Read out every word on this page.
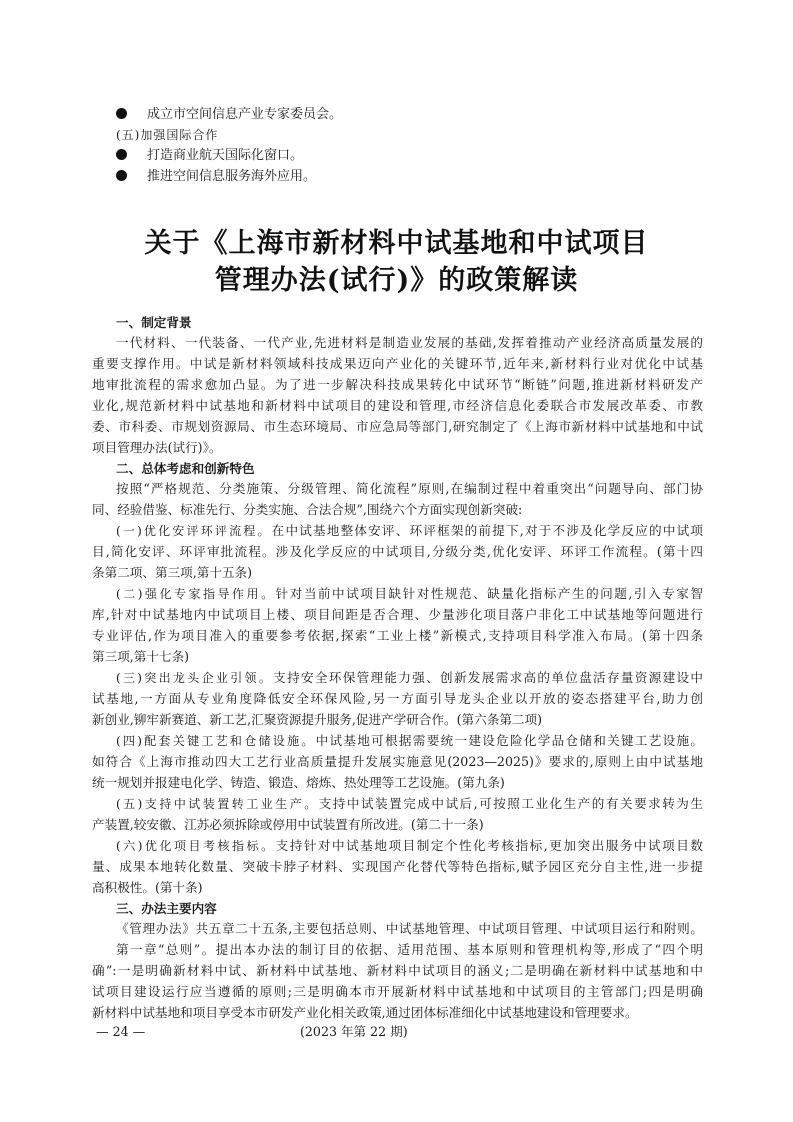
成立市空间信息产业专家委员会。
(五)加强国际合作
打造商业航天国际化窗口。
推进空间信息服务海外应用。
关于《上海市新材料中试基地和中试项目
管理办法(试行)》的政策解读
一、制定背景
一代材料、一代装备、一代产业,先进材料是制造业发展的基础,发挥着推动产业经济高质量发展的
重要支撑作用。中试是新材料领域科技成果迈向产业化的关键环节,近年来,新材料行业对优化中试基
地审批流程的需求愈加凸显。为了进一步解决科技成果转化中试环节“断链”问题,推进新材料研发产
业化,规范新材料中试基地和新材料中试项目的建设和管理,市经济信息化委联合市发展改革委、市教
委、市科委、市规划资源局、市生态环境局、市应急局等部门,研究制定了《上海市新材料中试基地和中试
项目管理办法(试行)》。
二、总体考虑和创新特色
按照“严格规范、分类施策、分级管理、简化流程”原则,在编制过程中着重突出“问题导向、部门协
同、经验借鉴、标准先行、分类实施、合法合规”,围绕六个方面实现创新突破:
(一)优化安评环评流程。在中试基地整体安评、环评框架的前提下,对于不涉及化学反应的中试项
目,简化安评、环评审批流程。涉及化学反应的中试项目,分级分类,优化安评、环评工作流程。(第十四
条第二项、第三项,第十五条)
(二)强化专家指导作用。针对当前中试项目缺针对性规范、缺量化指标产生的问题,引入专家智
库,针对中试基地内中试项目上楼、项目间距是否合理、少量涉化项目落户非化工中试基地等问题进行
专业评估,作为项目准入的重要参考依据,探索“工业上楼”新模式,支持项目科学准入布局。(第十四条
第三项,第十七条)
(三)突出龙头企业引领。支持安全环保管理能力强、创新发展需求高的单位盘活存量资源建设中
试基地,一方面从专业角度降低安全环保风险,另一方面引导龙头企业以开放的姿态搭建平台,助力创
新创业,铆牢新赛道、新工艺,汇聚资源提升服务,促进产学研合作。(第六条第二项)
(四)配套关键工艺和仓储设施。中试基地可根据需要统一建设危险化学品仓储和关键工艺设施。
如符合《上海市推动四大工艺行业高质量提升发展实施意见(2023—2025)》要求的,原则上由中试基地
统一规划并报建电化学、铸造、锻造、熔炼、热处理等工艺设施。(第九条)
(五)支持中试装置转工业生产。支持中试装置完成中试后,可按照工业化生产的有关要求转为生
产装置,较安徽、江苏必须拆除或停用中试装置有所改进。(第二十一条)
(六)优化项目考核指标。支持针对中试基地项目制定个性化考核指标,更加突出服务中试项目数
量、成果本地转化数量、突破卡脖子材料、实现国产化替代等特色指标,赋予园区充分自主性,进一步提
高积极性。(第十条)
三、办法主要内容
《管理办法》共五章二十五条,主要包括总则、中试基地管理、中试项目管理、中试项目运行和附则。
第一章“总则”。提出本办法的制订目的依据、适用范围、基本原则和管理机构等,形成了“四个明
确”:一是明确新材料中试、新材料中试基地、新材料中试项目的涵义;二是明确在新材料中试基地和中
试项目建设运行应当遵循的原则;三是明确本市开展新材料中试基地和中试项目的主管部门;四是明确
新材料中试基地和项目享受本市研发产业化相关政策,通过团体标准细化中试基地建设和管理要求。
— 24 —	(2023 年第 22 期)
